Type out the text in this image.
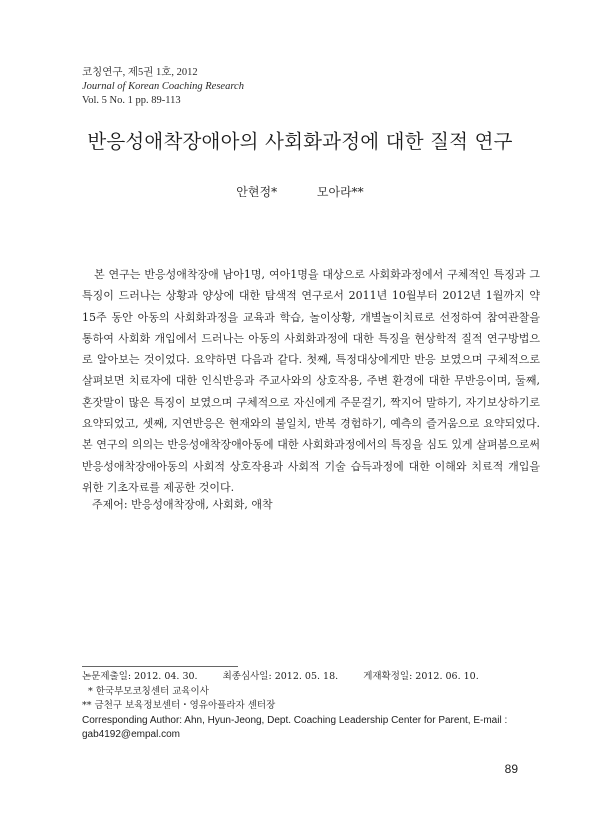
코칭연구, 제5권 1호, 2012
Journal of Korean Coaching Research
Vol. 5 No. 1 pp. 89-113
반응성애착장애아의 사회화과정에 대한 질적 연구
안현정*	모아라**

본 연구는 반응성애착장애 남아1명, 여아1명을 대상으로 사회화과정에서 구체적인 특징과 그 특징이 드러나는 상황과 양상에 대한 탐색적 연구로서 2011년 10월부터 2012년 1월까지 약 15주 동안 아동의 사회화과정을 교육과 학습, 놀이상황, 개별놀이치료로 선정하여 참여관찰을 통하여 사회화 개입에서 드러나는 아동의 사회화과정에 대한 특징을 현상학적 질적 연구방법으로 알아보는 것이었다. 요약하면 다음과 같다. 첫째, 특정대상에게만 반응 보였으며 구체적으로 살펴보면 치료자에 대한 인식반응과 주교사와의 상호작용, 주변 환경에 대한 무반응이며, 둘째, 혼잣말이 많은 특징이 보였으며 구체적으로 자신에게 주문걸기, 짝지어 말하기, 자기보상하기로 요약되었고, 셋째, 지연반응은 현재와의 불일치, 반복 경험하기, 예측의 즐거움으로 요약되었다. 본 연구의 의의는 반응성애착장애아동에 대한 사회화과정에서의 특징을 심도 있게 살펴봄으로써 반응성애착장애아동의 사회적 상호작용과 사회적 기술 습득과정에 대한 이해와 치료적 개입을 위한 기초자료를 제공한 것이다.

주제어: 반응성애착장애, 사회화, 애착
논문제출일: 2012. 04. 30.	최종심사일: 2012. 05. 18.	게재확정일: 2012. 06. 10.
* 한국부모코칭센터 교육이사
** 금천구 보육정보센터・영유아플라자 센터장
Corresponding Author: Ahn, Hyun-Jeong, Dept. Coaching Leadership Center for Parent, E-mail : gab4192@empal.com
89
